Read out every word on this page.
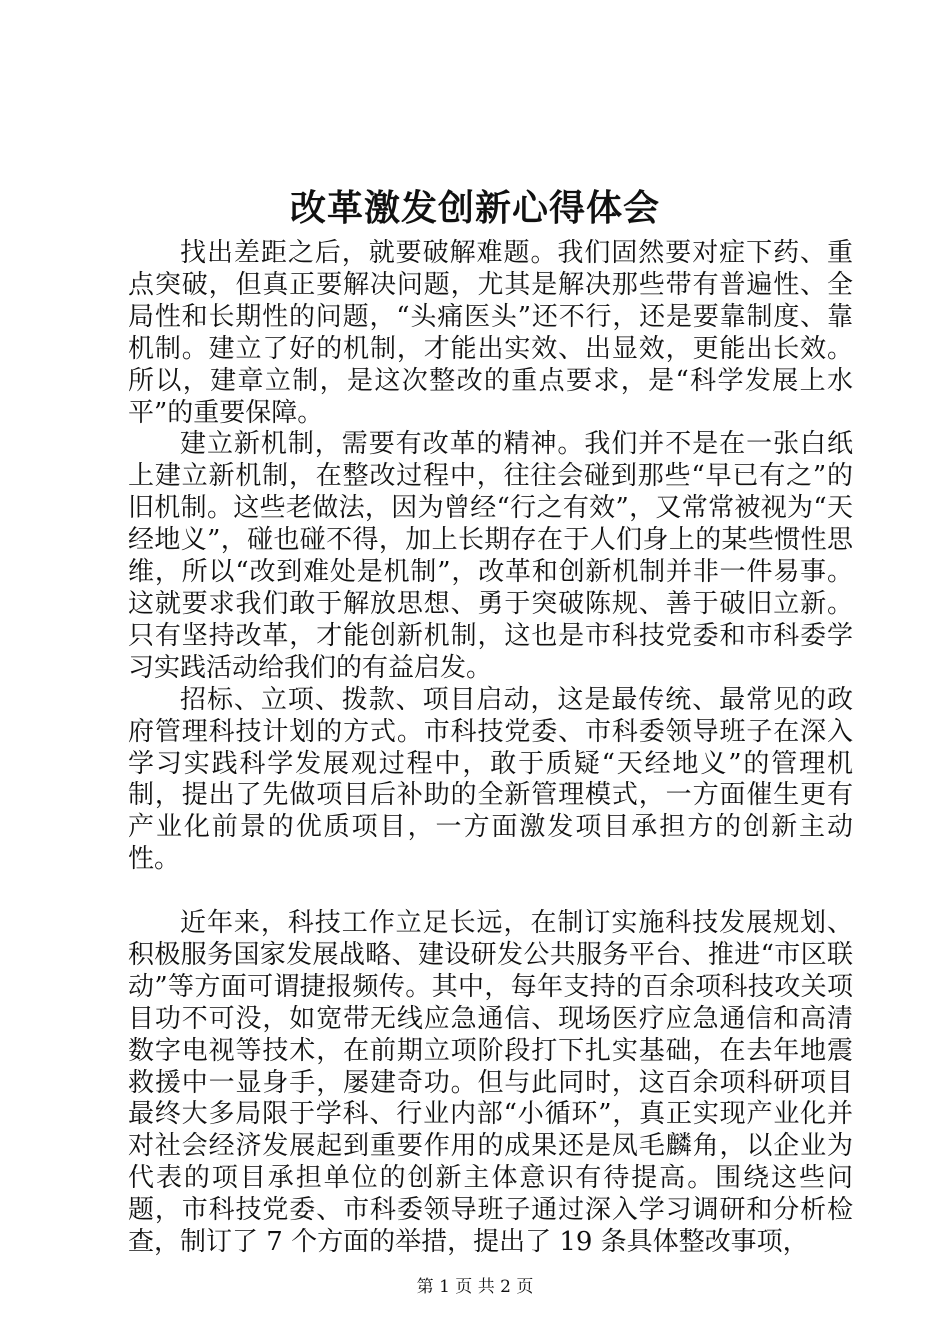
改革激发创新心得体会

找出差距之后，就要破解难题。我们固然要对症下药、重点突破，但真正要解决问题，尤其是解决那些带有普遍性、全局性和长期性的问题，“头痛医头”还不行，还是要靠制度、靠机制。建立了好的机制，才能出实效、出显效，更能出长效。所以，建章立制，是这次整改的重点要求，是“科学发展上水平”的重要保障。

建立新机制，需要有改革的精神。我们并不是在一张白纸上建立新机制，在整改过程中，往往会碰到那些“早已有之”的旧机制。这些老做法，因为曾经“行之有效”，又常常被视为“天经地义”，碰也碰不得，加上长期存在于人们身上的某些惯性思维，所以“改到难处是机制”，改革和创新机制并非一件易事。这就要求我们敢于解放思想、勇于突破陈规、善于破旧立新。只有坚持改革，才能创新机制，这也是市科技党委和市科委学习实践活动给我们的有益启发。

招标、立项、拨款、项目启动，这是最传统、最常见的政府管理科技计划的方式。市科技党委、市科委领导班子在深入学习实践科学发展观过程中，敢于质疑“天经地义”的管理机制，提出了先做项目后补助的全新管理模式，一方面催生更有产业化前景的优质项目，一方面激发项目承担方的创新主动性。

近年来，科技工作立足长远，在制订实施科技发展规划、积极服务国家发展战略、建设研发公共服务平台、推进“市区联动”等方面可谓捷报频传。其中，每年支持的百余项科技攻关项目功不可没，如宽带无线应急通信、现场医疗应急通信和高清数字电视等技术，在前期立项阶段打下扎实基础，在去年地震救援中一显身手，屡建奇功。但与此同时，这百余项科研项目最终大多局限于学科、行业内部“小循环”，真正实现产业化并对社会经济发展起到重要作用的成果还是凤毛麟角，以企业为代表的项目承担单位的创新主体意识有待提高。围绕这些问题，市科技党委、市科委领导班子通过深入学习调研和分析检查，制订了 7 个方面的举措，提出了 19 条具体整改事项，

第 1 页 共 2 页
